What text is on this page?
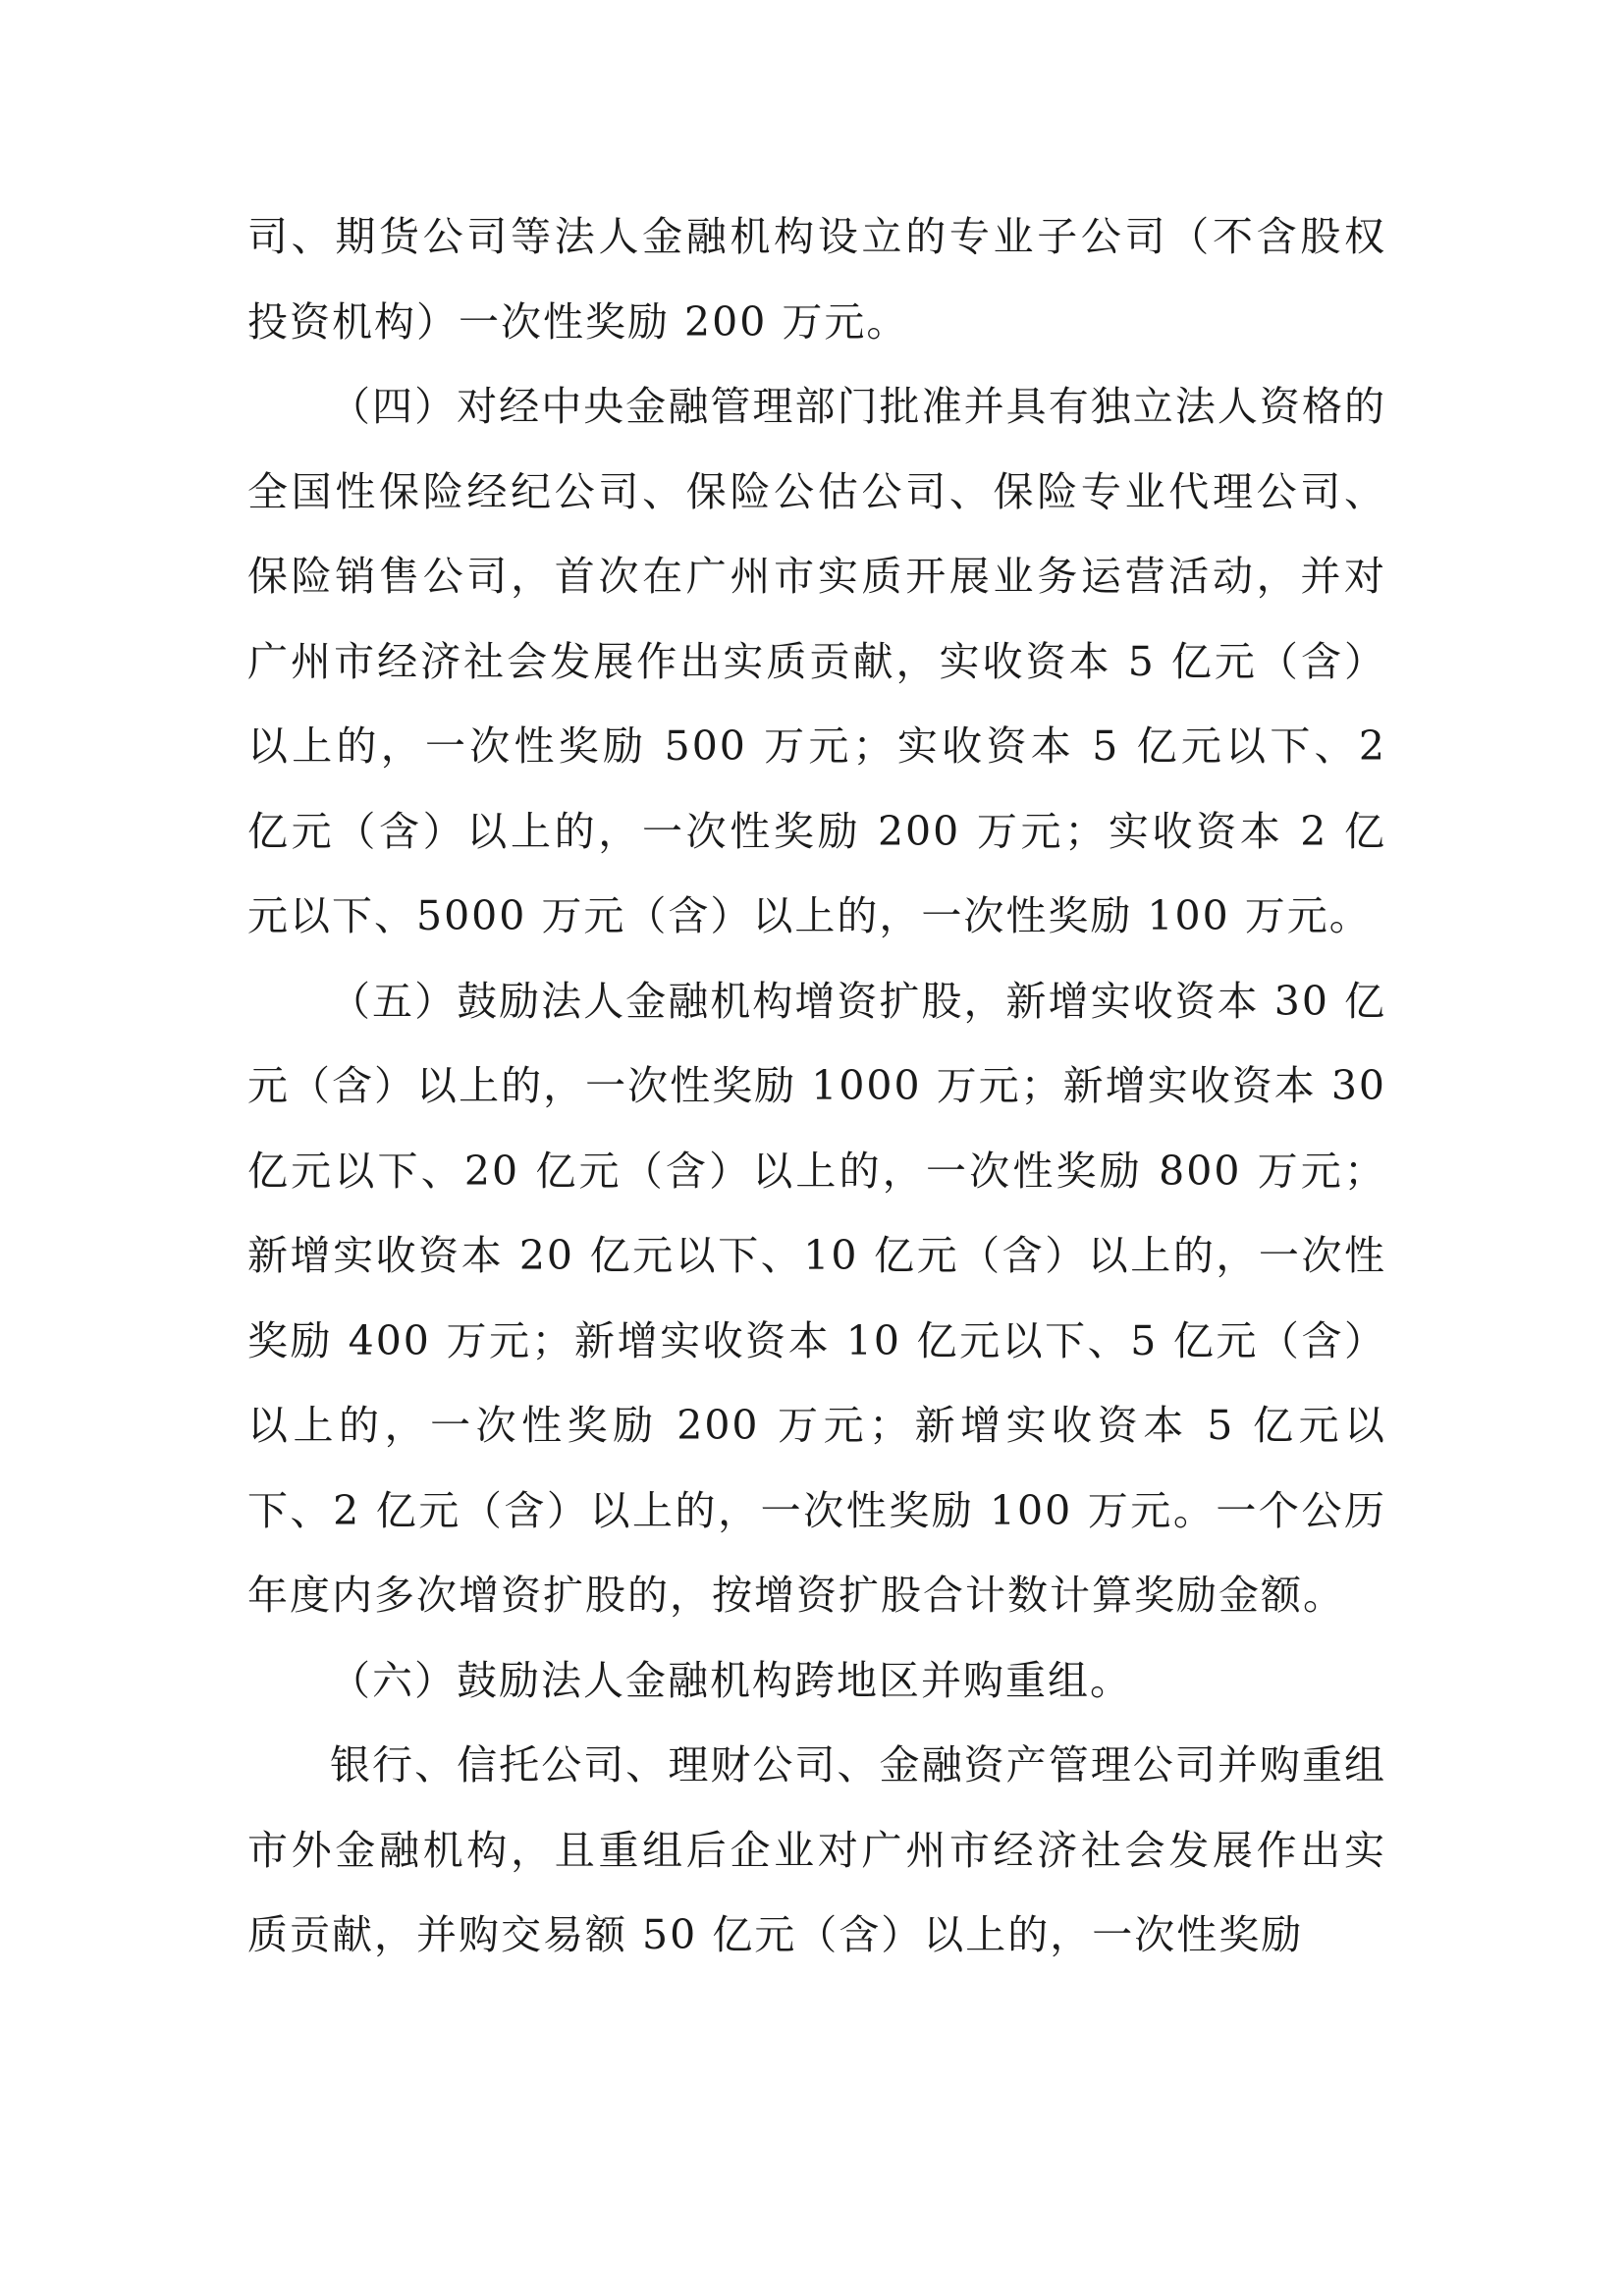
司、期货公司等法人金融机构设立的专业子公司（不含股权投资机构）一次性奖励 200 万元。

（四）对经中央金融管理部门批准并具有独立法人资格的全国性保险经纪公司、保险公估公司、保险专业代理公司、保险销售公司，首次在广州市实质开展业务运营活动，并对广州市经济社会发展作出实质贡献，实收资本 5 亿元（含）以上的，一次性奖励 500 万元；实收资本 5 亿元以下、2 亿元（含）以上的，一次性奖励 200 万元；实收资本 2 亿元以下、5000 万元（含）以上的，一次性奖励 100 万元。

（五）鼓励法人金融机构增资扩股，新增实收资本 30 亿元（含）以上的，一次性奖励 1000 万元；新增实收资本 30 亿元以下、20 亿元（含）以上的，一次性奖励 800 万元；新增实收资本 20 亿元以下、10 亿元（含）以上的，一次性奖励 400 万元；新增实收资本 10 亿元以下、5 亿元（含）以上的，一次性奖励 200 万元；新增实收资本 5 亿元以下、2 亿元（含）以上的，一次性奖励 100 万元。一个公历年度内多次增资扩股的，按增资扩股合计数计算奖励金额。

（六）鼓励法人金融机构跨地区并购重组。

银行、信托公司、理财公司、金融资产管理公司并购重组市外金融机构，且重组后企业对广州市经济社会发展作出实质贡献，并购交易额 50 亿元（含）以上的，一次性奖励
